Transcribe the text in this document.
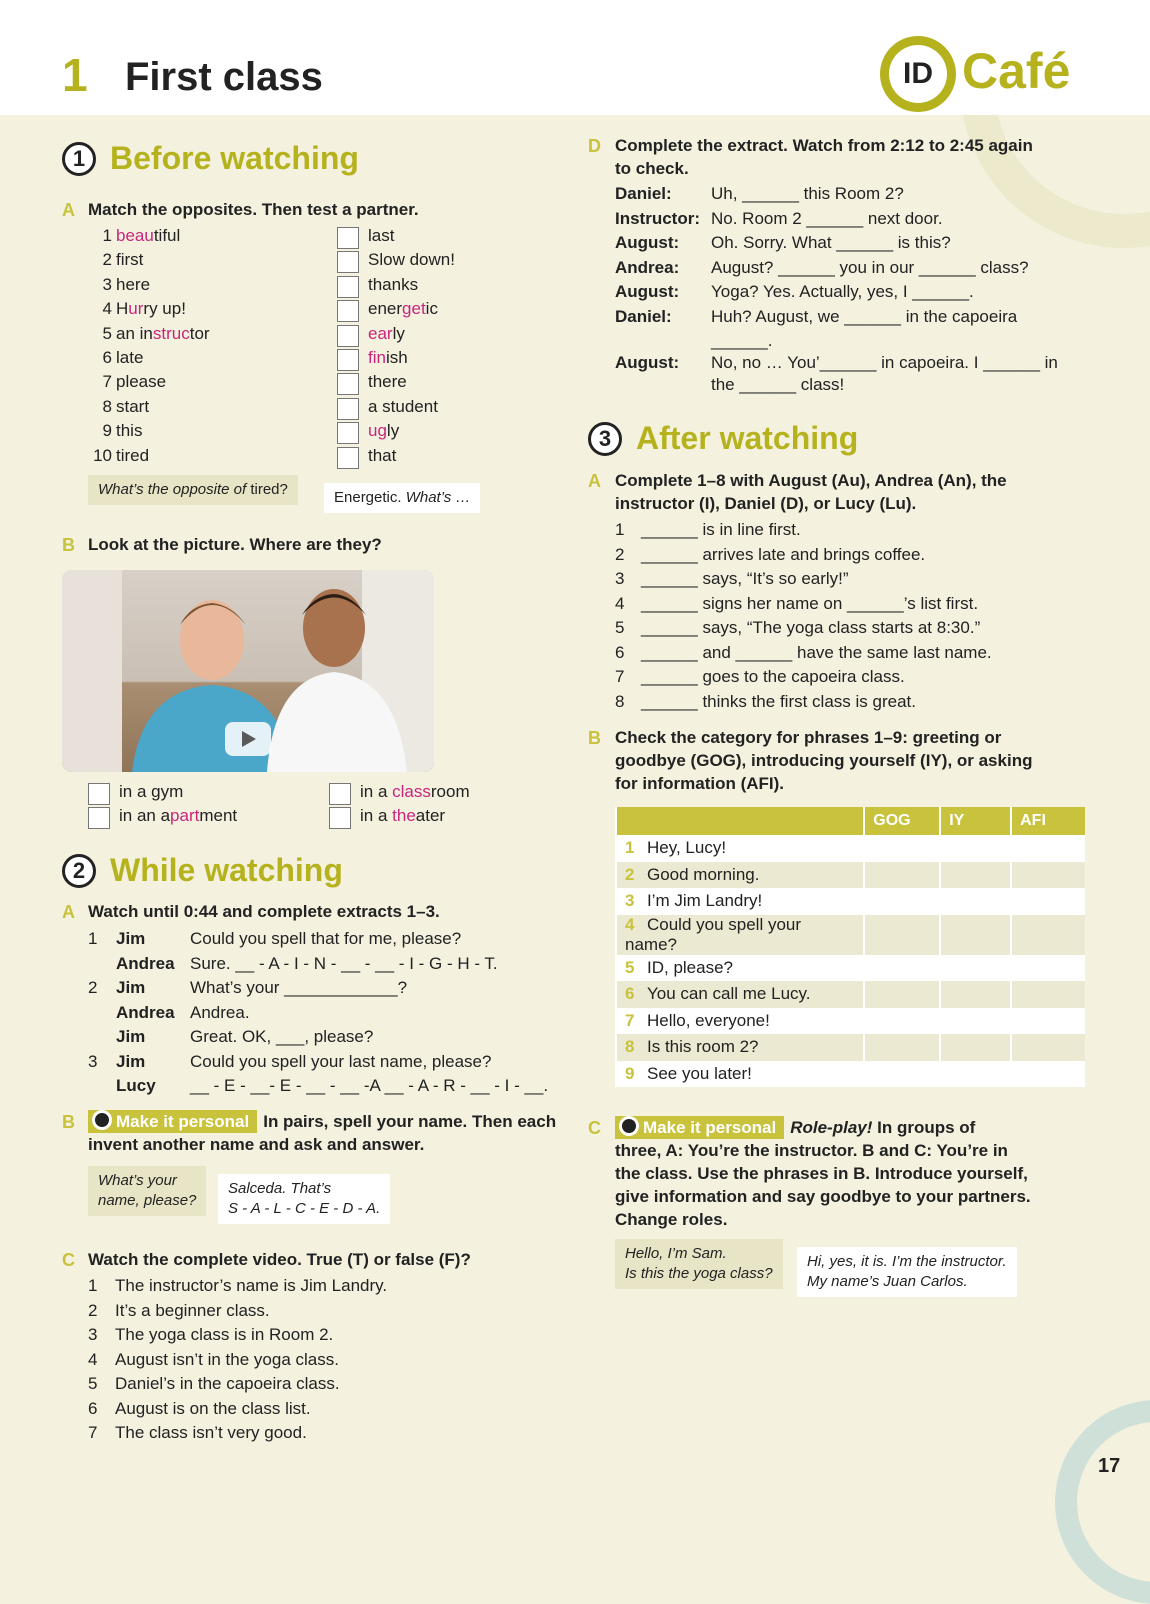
1 First class	ID Café
1 Before watching
A Match the opposites. Then test a partner.
1 beautiful	last
2 first	Slow down!
3 here	thanks
4 Hurry up!	energetic
5 an instructor	early
6 late	finish
7 please	there
8 start	a student
9 this	ugly
10 tired	that
What’s the opposite of tired?	Energetic. What’s …
B Look at the picture. Where are they?
in a gym	in a classroom
in an apartment	in a theater
2 While watching
A Watch until 0:44 and complete extracts 1–3.
1 Jim	Could you spell that for me, please?
Andrea Sure. __ - A - I - N - __ - __ - I - G - H - T.
2 Jim	What’s your ____________?
Andrea Andrea.
Jim	Great. OK, ___, please?
3 Jim	Could you spell your last name, please?
Lucy __ - E - __- E - __ - __ -A __ - A - R - __ - I - __.
B	Make it personal In pairs, spell your name. Then each invent another name and ask and answer.
What’s your
name, please?
Salceda. That’s
S - A - L - C - E - D - A.
C Watch the complete video. True (T) or false (F)?
1 The instructor’s name is Jim Landry.
2 It’s a beginner class.
3 The yoga class is in Room 2.
4 August isn’t in the yoga class.
5 Daniel’s in the capoeira class.
6 August is on the class list.
7 The class isn’t very good.
D Complete the extract. Watch from 2:12 to 2:45 again
to check.
Daniel: Uh, ______ this Room 2?
Instructor: No. Room 2 ______ next door.
August: Oh. Sorry. What ______ is this?
Andrea: August? ______ you in our ______ class?
August: Yoga? Yes. Actually, yes, I ______.
Daniel: Huh? August, we ______ in the capoeira
______.
August: No, no … You’______ in capoeira. I ______ in
the ______ class!
3 After watching
A Complete 1–8 with August (Au), Andrea (An), the
instructor (I), Daniel (D), or Lucy (Lu).
1 ______ is in line first.
2 ______ arrives late and brings coffee.
3 ______ says, “It’s so early!”
4 ______ signs her name on ______’s list first.
5 ______ says, “The yoga class starts at 8:30.”
6 ______ and ______ have the same last name.
7 ______ goes to the capoeira class.
8 ______ thinks the first class is great.
B Check the category for phrases 1–9: greeting or
goodbye (GOG), introducing yourself (IY), or asking
for information (AFI).
	GOG	IY	AFI
1 Hey, Lucy!			
2 Good morning.			
3 I’m Jim Landry!			
4 Could you spell your name?			
5 ID, please?			
6 You can call me Lucy.			
7 Hello, everyone!			
8 Is this room 2?			
9 See you later!			
C	Make it personal Role-play! In groups of
three, A: You’re the instructor. B and C: You’re in
the class. Use the phrases in B. Introduce yourself,
give information and say goodbye to your partners.
Change roles.
Hello, I’m Sam.
Is this the yoga class?
Hi, yes, it is. I’m the instructor.
My name’s Juan Carlos.
17
